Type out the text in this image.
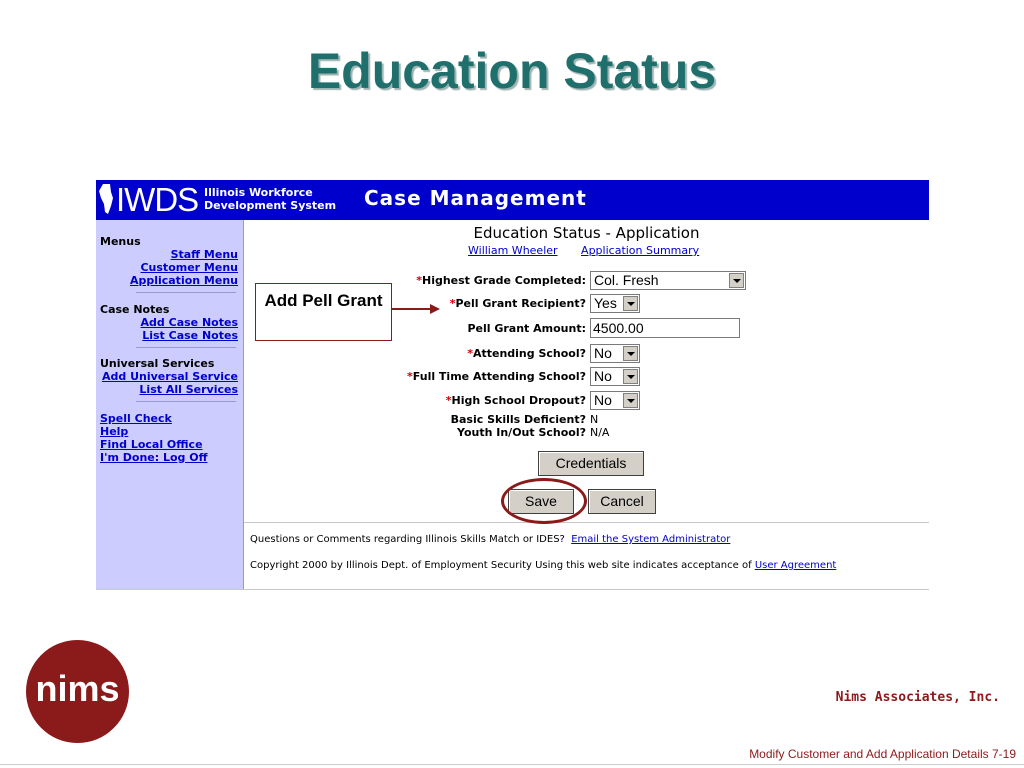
Education Status
IWDS Illinois Workforce
Development System Case Management
Menus
Staff Menu
Customer Menu
Application Menu
Case Notes
Add Case Notes
List Case Notes
Universal Services
Add Universal Service
List All Services
Spell Check
Help
Find Local Office
I'm Done: Log Off
Education Status - Application
William Wheeler Application Summary
*Highest Grade Completed: Col. Fresh
*Pell Grant Recipient? Yes
Pell Grant Amount: 4500.00
*Attending School? No
*Full Time Attending School? No
*High School Dropout? No
Basic Skills Deficient? N
Youth In/Out School? N/A
Credentials
Save	Cancel
Questions or Comments regarding Illinois Skills Match or IDES? Email the System Administrator
Copyright 2000 by Illinois Dept. of Employment Security Using this web site indicates acceptance of User Agreement
Add Pell Grant
nims	Nims Associates, Inc.
Modify Customer and Add Application Details 7-19
